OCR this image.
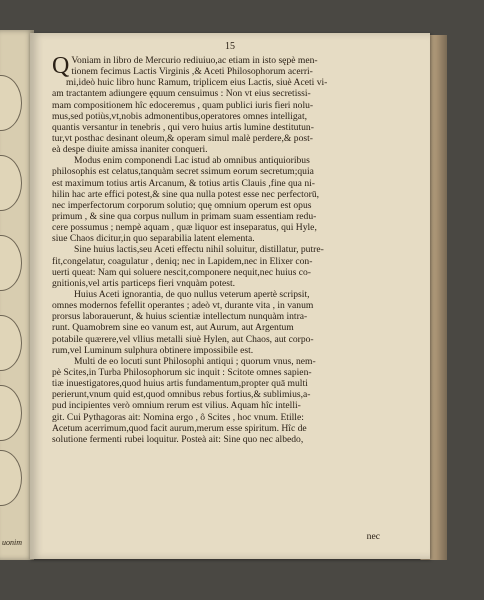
uonim
15
Q Voniam in libro de Mercurio rediuiuo,ac etiam in isto sępè men-
tionem fecimus Lactis Virginis ,& Aceti Philosophorum acerri-
mi,ideò huic libro hunc Ramum, triplicem eius Lactis, siuè Aceti vi-
am tractantem adiungere ęquum censuimus : Non vt eius secretissi-
mam compositionem hîc edoceremus , quam publici iuris fieri nolu-
mus,sed potiùs,vt,nobis admonentibus,operatores omnes intelligat,
quantis versantur in tenebris , qui vero huius artis lumine destitutun-
tur,vt posthac desinant oleum,& operam simul malè perdere,& post-
eà despe diuite amissa inaniter conqueri.
Modus enim componendi Lac istud ab omnibus antiquioribus
philosophis est celatus,tanquàm secret ssimum eorum secretum;quia
est maximum totius artis Arcanum, & totius artis Clauis ,fine qua ni-
hilin hac arte effici potest,& sine qua nulla potest esse nec perfectorū,
nec imperfectorum corporum solutio; quę omnium operum est opus
primum , & sine qua corpus nullum in primam suam essentiam redu-
cere possumus ; nempè aquam , quæ liquor est inseparatus, qui Hyle,
siue Chaos dicitur,in quo separabilia latent elementa.
Sine huius lactis,seu Aceti effectu nihil soluitur, distillatur, putre-
fit,congelatur, coagulatur , deniq; nec in Lapidem,nec in Elixer con-
uerti queat: Nam qui soluere nescit,componere nequit,nec huius co-
gnitionis,vel artis particeps fieri vnquàm potest.
Huius Aceti ignorantia, de quo nullus veterum apertè scripsit,
omnes modernos fefellit operantes ; adeò vt, durante vita , in vanum
prorsus laborauerunt, & huius scientiæ intellectum nunquàm intra-
runt. Quamobrem sine eo vanum est, aut Aurum, aut Argentum
potabile quærere,vel vllius metalli siuè Hylen, aut Chaos, aut corpo-
rum,vel Luminum sulphura obtinere impossibile est.
Multi de eo locuti sunt Philosophi antiqui ; quorum vnus, nem-
pè Scites,in Turba Philosophorum sic inquit : Scitote omnes sapien-
tiæ inuestigatores,quod huius artis fundamentum,propter quā multi
perierunt,vnum quid est,quod omnibus rebus fortius,& sublimius,a-
pud incipientes verò omnium rerum est vilius. Aquam hîc intelli-
git. Cui Pythagoras ait: Nomina ergo , ô Scites , hoc vnum. Etille:
Acetum acerrimum,quod facit aurum,merum esse spiritum. Hîc de
solutione fermenti rubei loquitur. Posteà ait: Sine quo nec albedo,
nec
